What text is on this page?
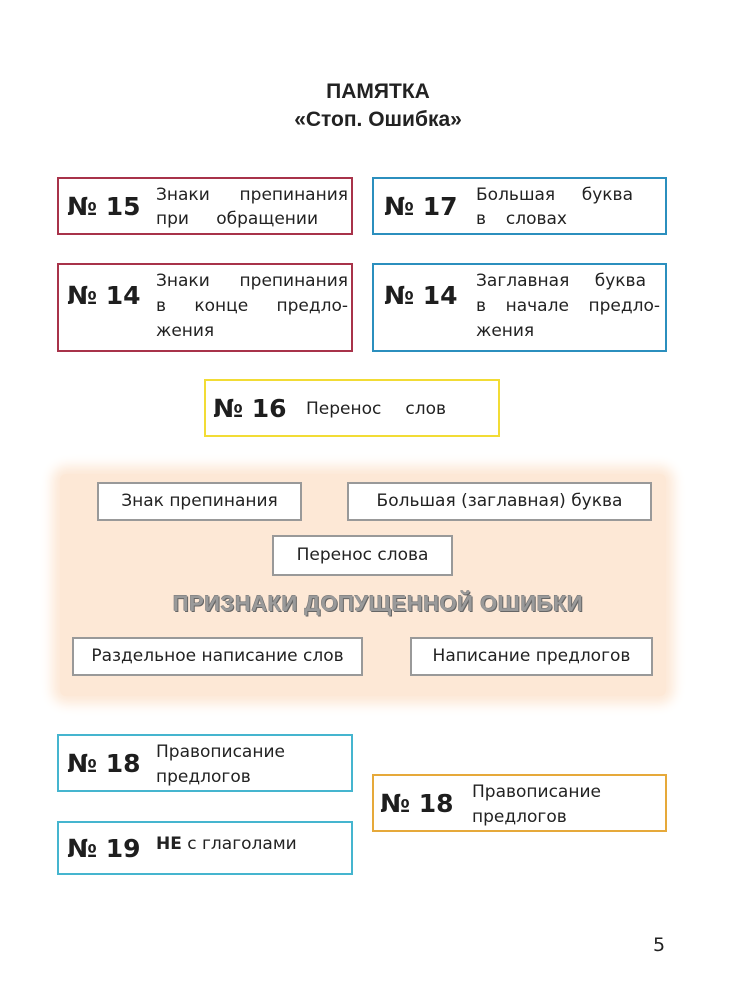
ПАМЯТКА
«Стоп. Ошибка»
№ 15 Знаки препинания
при обращении	№ 17 Большая буква
в словах
№ 14 Знаки препинания
в конце предло-
жения
№ 14 Заглавная буква
в начале предло-
жения
№ 16 Перенос слов
Знак препинания	Большая (заглавная) буква
Перенос слова
ПРИЗНАКИ ДОПУЩЕННОЙ ОШИБКИ
Раздельное написание слов	Написание предлогов
№ 18 Правописание
предлогов
№ 18 Правописание
предлогов
№ 19 НЕ с глаголами
5
